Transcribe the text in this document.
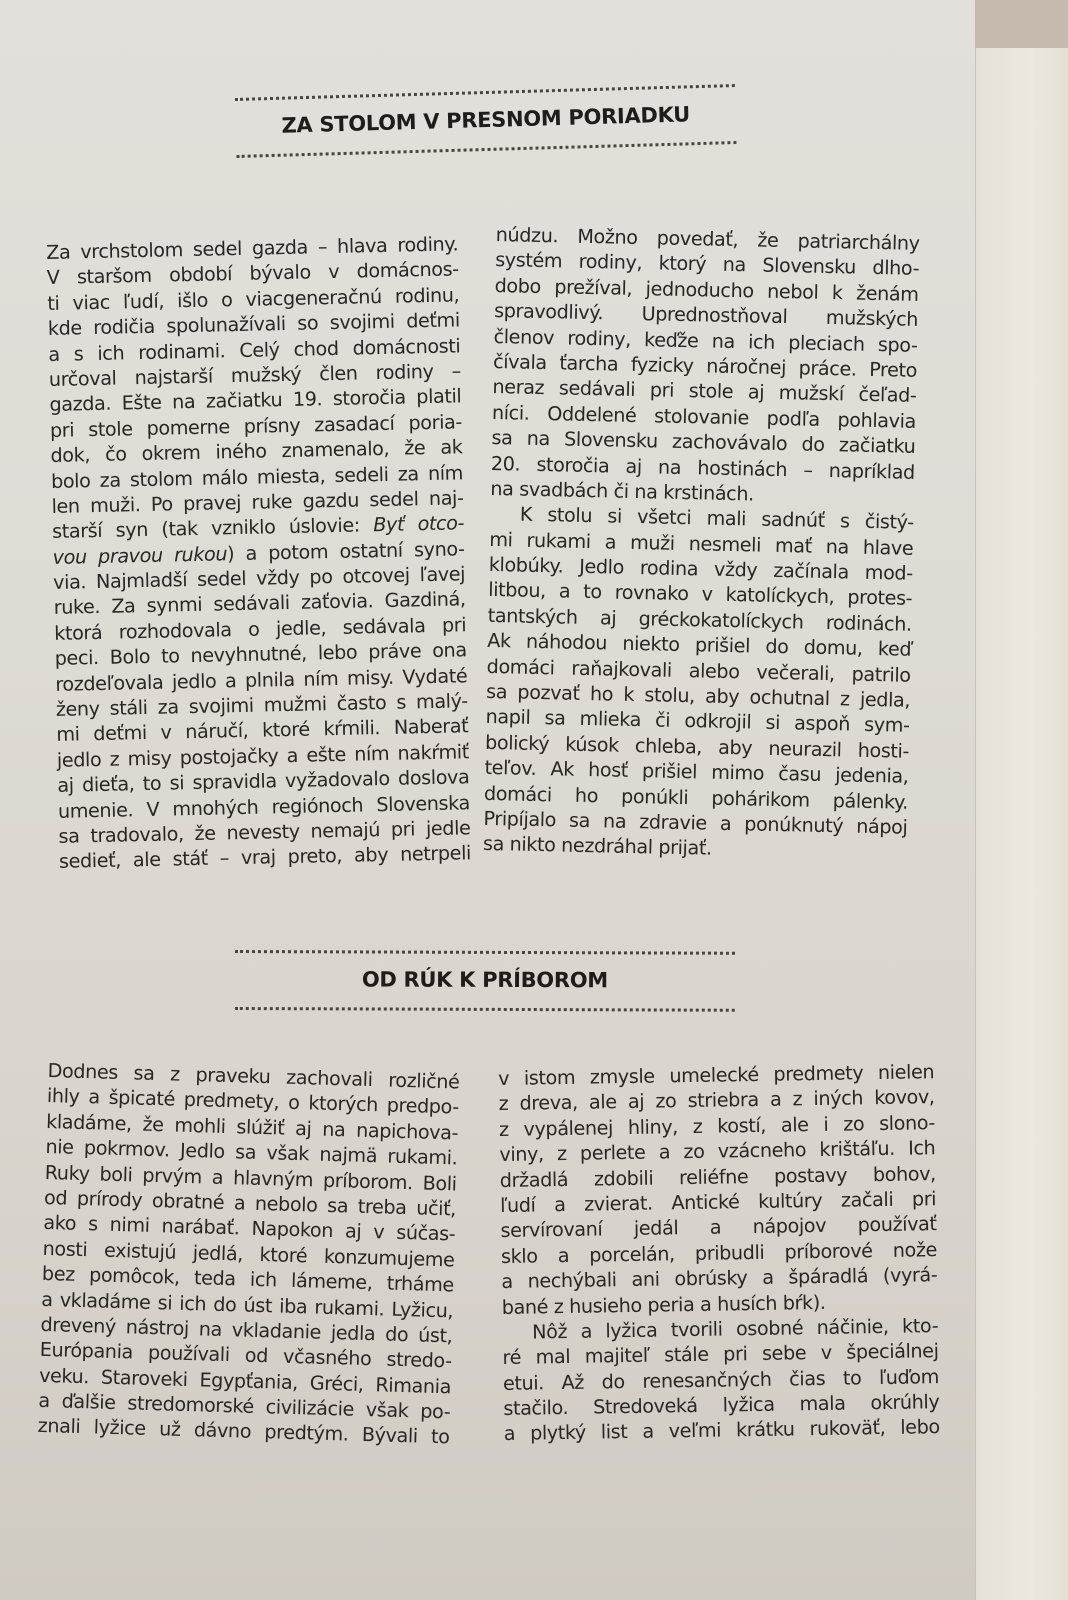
ZA STOLOM V PRESNOM PORIADKU
Za vrchstolom sedel gazda – hlava rodiny.
V staršom období bývalo v domácnos-
ti viac ľudí, išlo o viacgeneračnú rodinu,
kde rodičia spolunažívali so svojimi deťmi
a s ich rodinami. Celý chod domácnosti
určoval najstarší mužský člen rodiny –
gazda. Ešte na začiatku 19. storočia platil
pri stole pomerne prísny zasadací poria-
dok, čo okrem iného znamenalo, že ak
bolo za stolom málo miesta, sedeli za ním
len muži. Po pravej ruke gazdu sedel naj-
starší syn (tak vzniklo úslovie: Byť otco-
vou pravou rukou) a potom ostatní syno-
via. Najmladší sedel vždy po otcovej ľavej
ruke. Za synmi sedávali zaťovia. Gazdiná,
ktorá rozhodovala o jedle, sedávala pri
peci. Bolo to nevyhnutné, lebo práve ona
rozdeľovala jedlo a plnila ním misy. Vydaté
ženy stáli za svojimi mužmi často s malý-
mi deťmi v náručí, ktoré kŕmili. Naberať
jedlo z misy postojačky a ešte ním nakŕmiť
aj dieťa, to si spravidla vyžadovalo doslova
umenie. V mnohých regiónoch Slovenska
sa tradovalo, že nevesty nemajú pri jedle
sedieť, ale stáť – vraj preto, aby netrpeli
núdzu. Možno povedať, že patriarchálny
systém rodiny, ktorý na Slovensku dlho-
dobo prežíval, jednoducho nebol k ženám
spravodlivý. Uprednostňoval mužských
členov rodiny, keďže na ich pleciach spo-
čívala ťarcha fyzicky náročnej práce. Preto
neraz sedávali pri stole aj mužskí čeľad-
níci. Oddelené stolovanie podľa pohlavia
sa na Slovensku zachovávalo do začiatku
20. storočia aj na hostinách – napríklad
na svadbách či na krstinách.
K stolu si všetci mali sadnúť s čistý-
mi rukami a muži nesmeli mať na hlave
klobúky. Jedlo rodina vždy začínala mod-
litbou, a to rovnako v katolíckych, protes-
tantských aj gréckokatolíckych rodinách.
Ak náhodou niekto prišiel do domu, keď
domáci raňajkovali alebo večerali, patrilo
sa pozvať ho k stolu, aby ochutnal z jedla,
napil sa mlieka či odkrojil si aspoň sym-
bolický kúsok chleba, aby neurazil hosti-
teľov. Ak hosť prišiel mimo času jedenia,
domáci ho ponúkli pohárikom pálenky.
Pripíjalo sa na zdravie a ponúknutý nápoj
sa nikto nezdráhal prijať.
OD RÚK K PRÍBOROM
Dodnes sa z praveku zachovali rozličné
ihly a špicaté predmety, o ktorých predpo-
kladáme, že mohli slúžiť aj na napichova-
nie pokrmov. Jedlo sa však najmä rukami.
Ruky boli prvým a hlavným príborom. Boli
od prírody obratné a nebolo sa treba učiť,
ako s nimi narábať. Napokon aj v súčas-
nosti existujú jedlá, ktoré konzumujeme
bez pomôcok, teda ich lámeme, trháme
a vkladáme si ich do úst iba rukami. Lyžicu,
drevený nástroj na vkladanie jedla do úst,
Európania používali od včasného stredo-
veku. Staroveki Egypťania, Gréci, Rimania
a ďalšie stredomorské civilizácie však po-
znali lyžice už dávno predtým. Bývali to
v istom zmysle umelecké predmety nielen
z dreva, ale aj zo striebra a z iných kovov,
z vypálenej hliny, z kostí, ale i zo slono-
viny, z perlete a zo vzácneho krištáľu. Ich
držadlá zdobili reliéfne postavy bohov,
ľudí a zvierat. Antické kultúry začali pri
servírovaní jedál a nápojov používať
sklo a porcelán, pribudli príborové nože
a nechýbali ani obrúsky a špáradlá (vyrá-
bané z husieho peria a husích bŕk).
Nôž a lyžica tvorili osobné náčinie, kto-
ré mal majiteľ stále pri sebe v špeciálnej
etui. Až do renesančných čias to ľuďom
stačilo. Stredoveká lyžica mala okrúhly
a plytký list a veľmi krátku rukoväť, lebo
